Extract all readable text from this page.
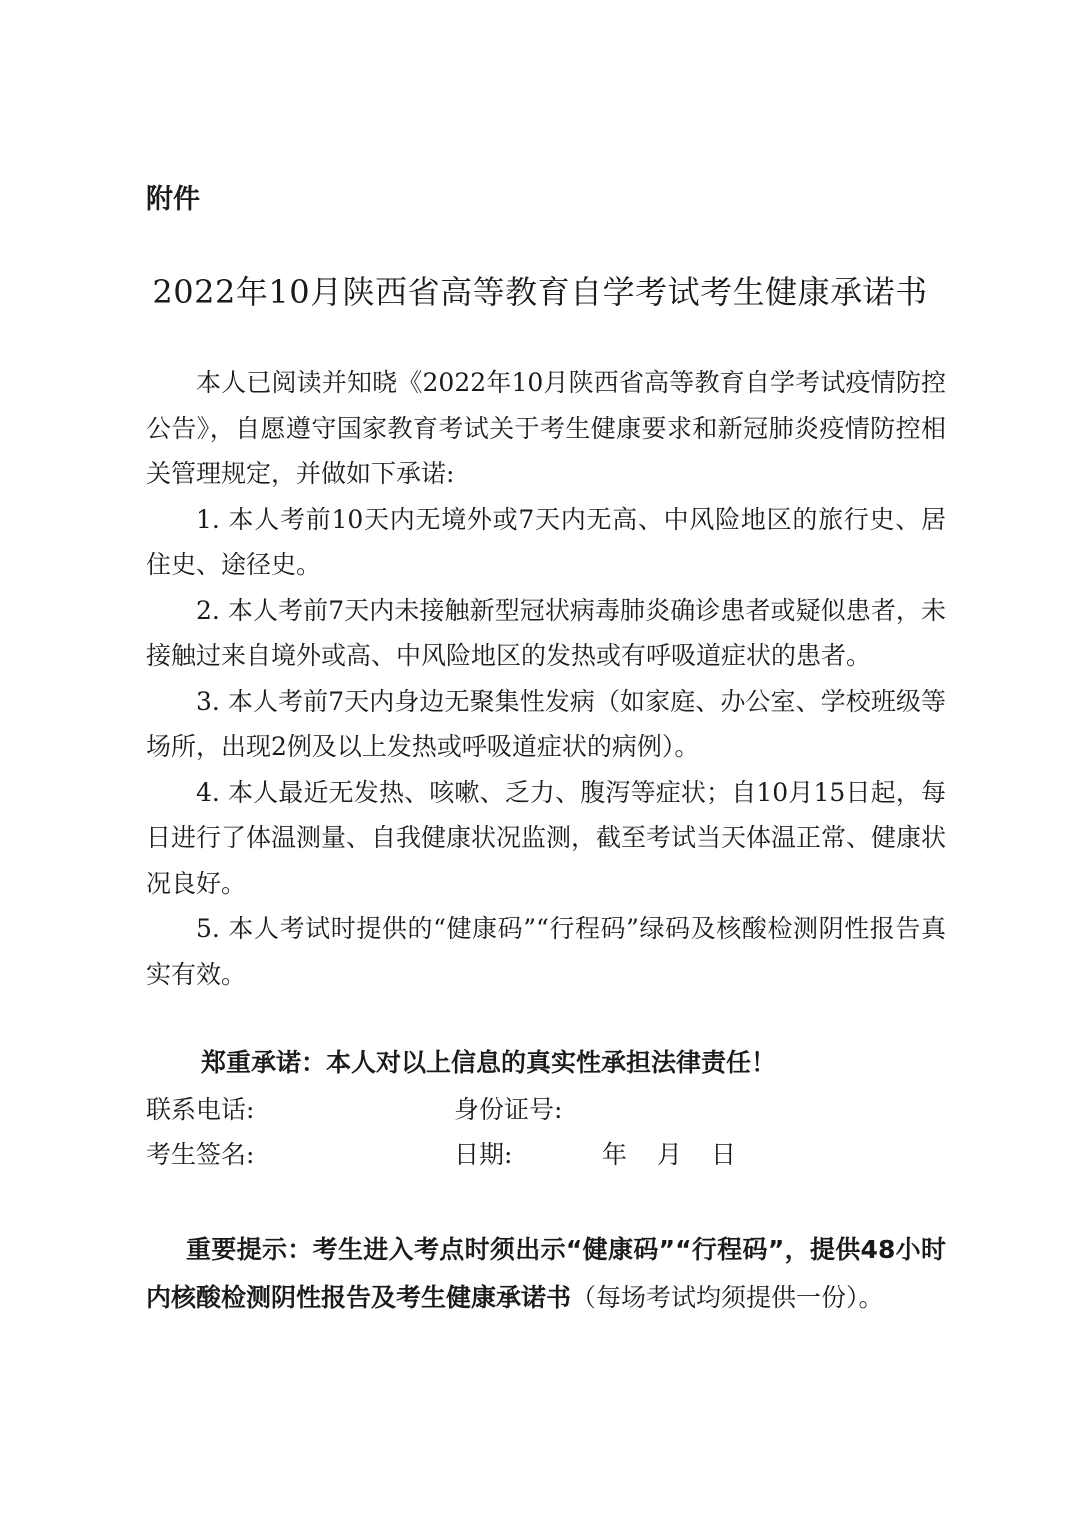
附件
2022年10月陕西省高等教育自学考试考生健康承诺书

本人已阅读并知晓《2022年10月陕西省高等教育自学考试疫情防控公告》，自愿遵守国家教育考试关于考生健康要求和新冠肺炎疫情防控相关管理规定，并做如下承诺:

1. 本人考前10天内无境外或7天内无高、中风险地区的旅行史、居住史、途径史。

2. 本人考前7天内未接触新型冠状病毒肺炎确诊患者或疑似患者，未接触过来自境外或高、中风险地区的发热或有呼吸道症状的患者。

3. 本人考前7天内身边无聚集性发病（如家庭、办公室、学校班级等场所，出现2例及以上发热或呼吸道症状的病例）。

4. 本人最近无发热、咳嗽、乏力、腹泻等症状；自10月15日起，每日进行了体温测量、自我健康状况监测，截至考试当天体温正常、健康状况良好。

5. 本人考试时提供的“健康码”“行程码”绿码及核酸检测阴性报告真实有效。

郑重承诺：本人对以上信息的真实性承担法律责任！
联系电话:	身份证号:
考生签名:	日期:	年 月 日
重要提示：考生进入考点时须出示“健康码”“行程码”，提供48小时内核酸检测阴性报告及考生健康承诺书（每场考试均须提供一份）。
